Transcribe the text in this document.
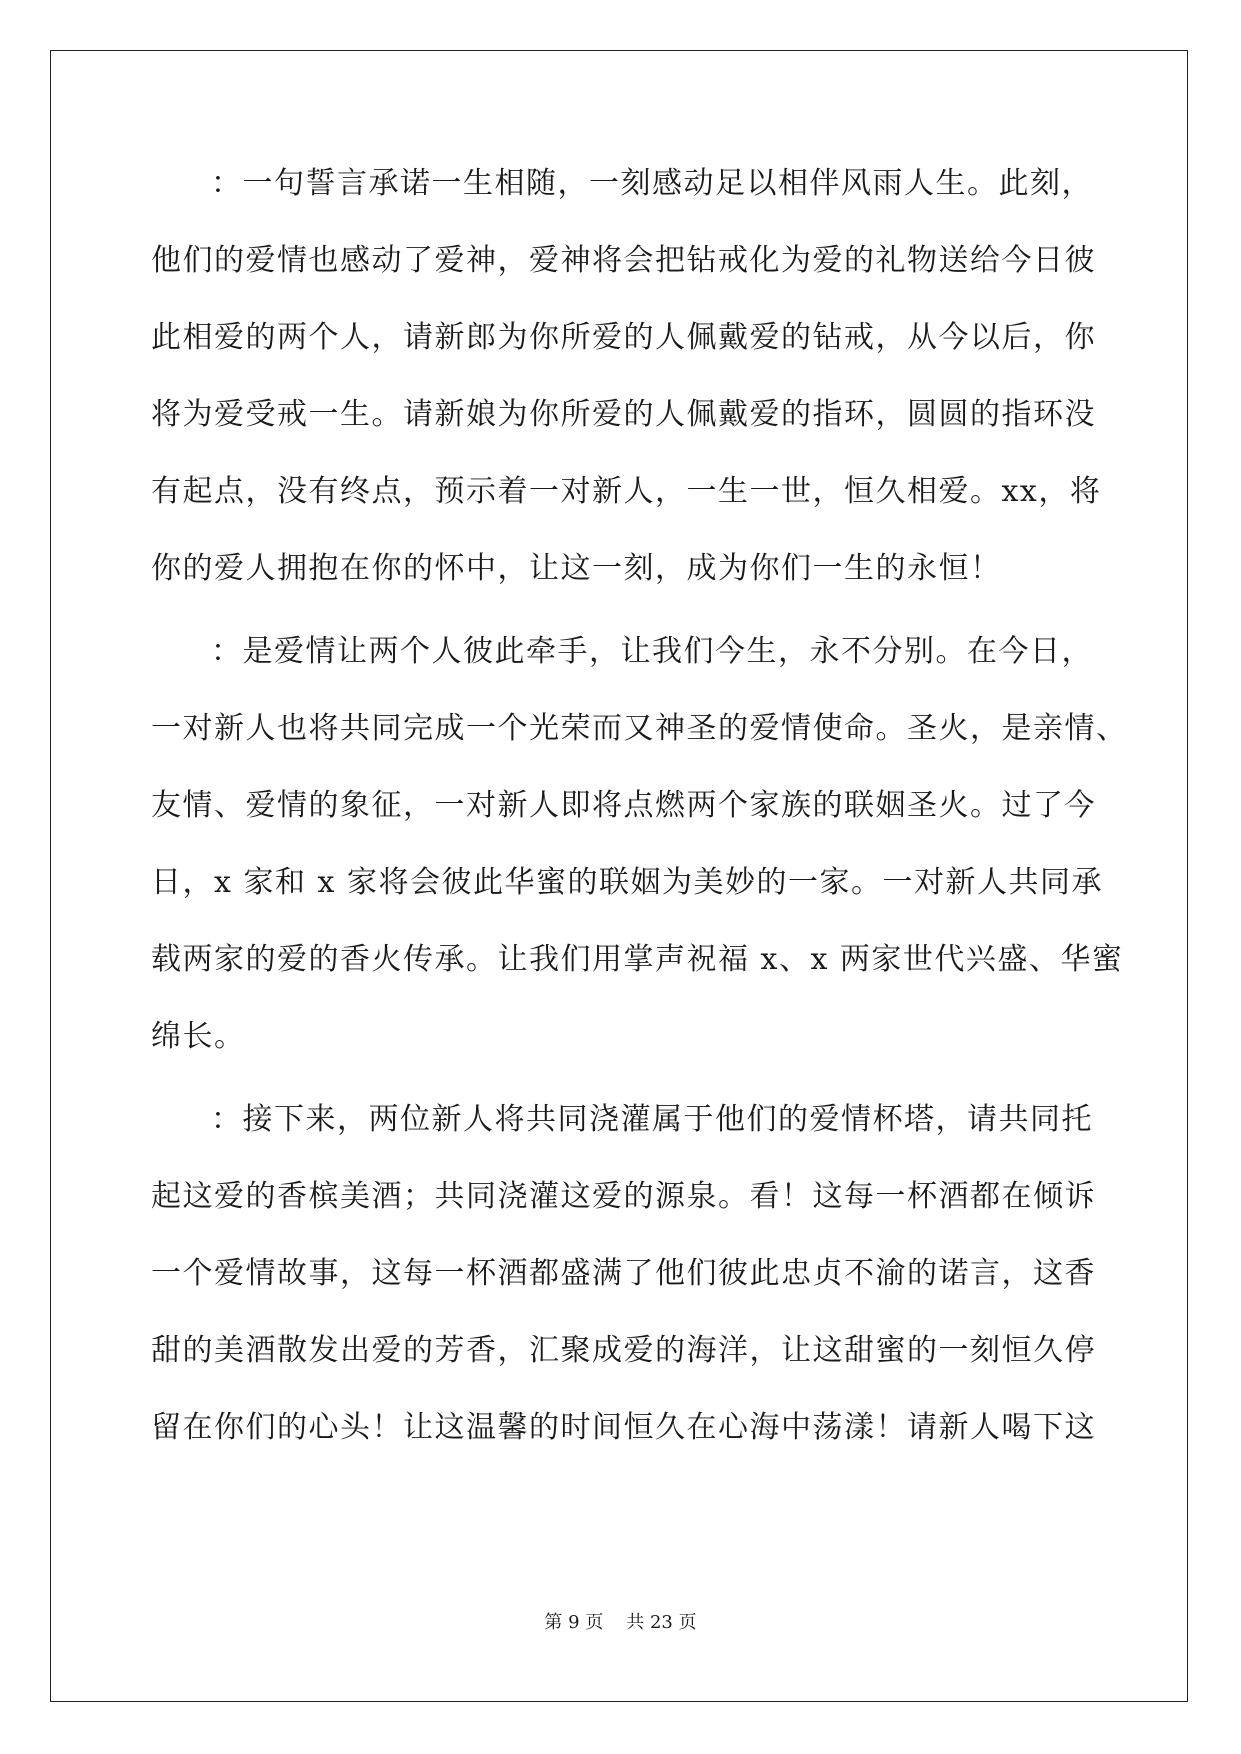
：一句誓言承诺一生相随，一刻感动足以相伴风雨人生。此刻，
他们的爱情也感动了爱神，爱神将会把钻戒化为爱的礼物送给今日彼
此相爱的两个人，请新郎为你所爱的人佩戴爱的钻戒，从今以后，你
将为爱受戒一生。请新娘为你所爱的人佩戴爱的指环，圆圆的指环没
有起点，没有终点，预示着一对新人，一生一世，恒久相爱。xx，将
你的爱人拥抱在你的怀中，让这一刻，成为你们一生的永恒！
：是爱情让两个人彼此牵手，让我们今生，永不分别。在今日，
一对新人也将共同完成一个光荣而又神圣的爱情使命。圣火，是亲情、
友情、爱情的象征，一对新人即将点燃两个家族的联姻圣火。过了今
日，x 家和 x 家将会彼此华蜜的联姻为美妙的一家。一对新人共同承
载两家的爱的香火传承。让我们用掌声祝福 x、x 两家世代兴盛、华蜜
绵长。
：接下来，两位新人将共同浇灌属于他们的爱情杯塔，请共同托
起这爱的香槟美酒；共同浇灌这爱的源泉。看！这每一杯酒都在倾诉
一个爱情故事，这每一杯酒都盛满了他们彼此忠贞不渝的诺言，这香
甜的美酒散发出爱的芳香，汇聚成爱的海洋，让这甜蜜的一刻恒久停
留在你们的心头！让这温馨的时间恒久在心海中荡漾！请新人喝下这
第 9 页 共 23 页
